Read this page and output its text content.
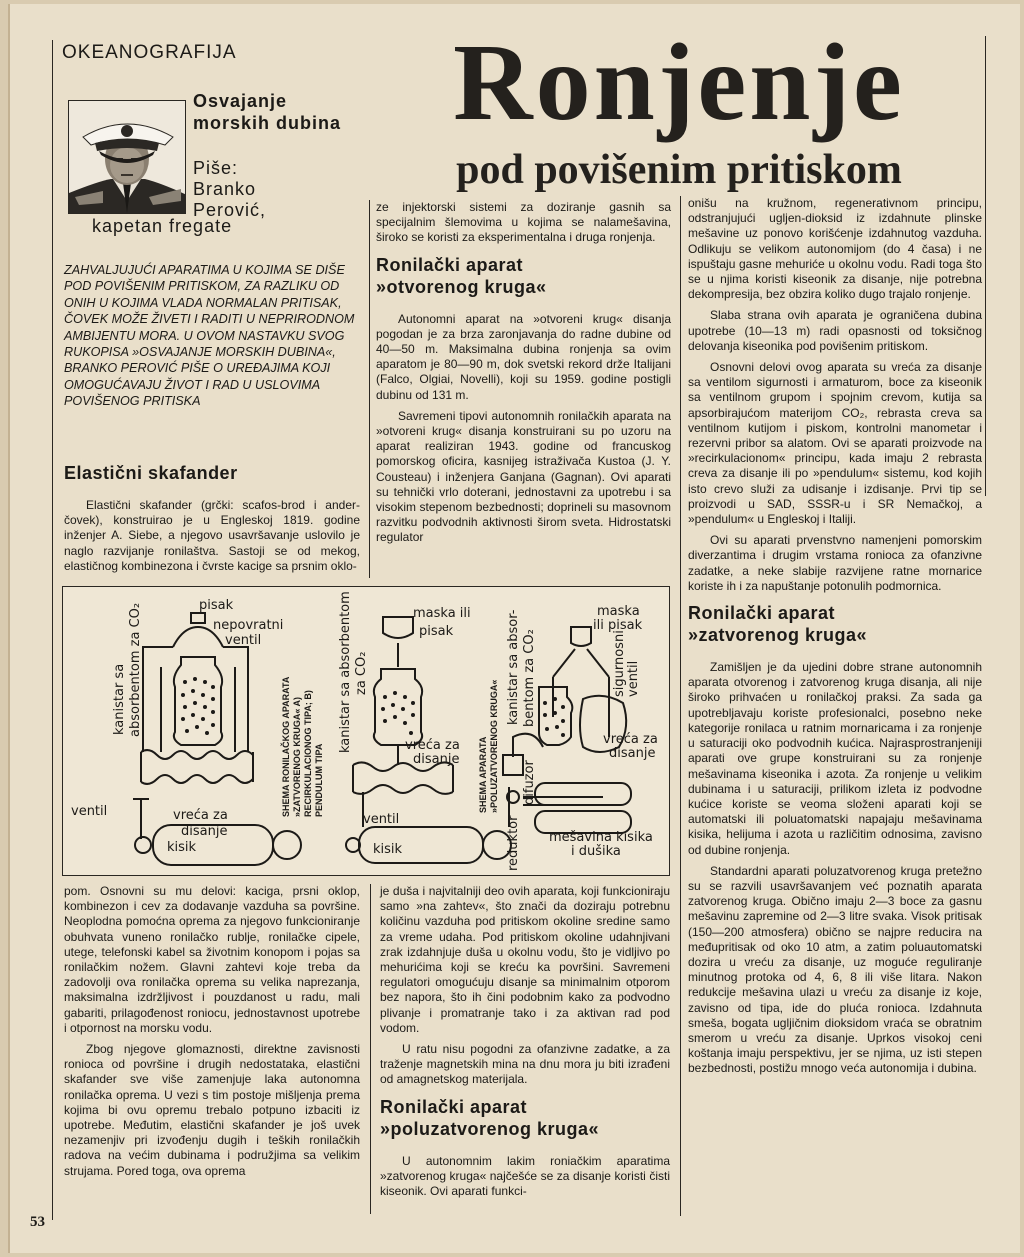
OKEANOGRAFIJA
Osvajanje
morskih dubina
Piše:
Branko
Perović,
kapetan fregate
Ronjenje
pod povišenim pritiskom
ZAHVALJUJUĆI APARATIMA U KOJIMA SE DIŠE POD POVIŠENIM PRITISKOM, ZA RAZLIKU OD ONIH U KOJIMA VLADA NORMALAN PRITISAK, ČOVEK MOŽE ŽIVETI I RADITI U NEPRIRODNOM AMBIJENTU MORA. U OVOM NASTAVKU SVOG RUKOPISA »OSVAJANJE MORSKIH DUBINA«, BRANKO PEROVIĆ PIŠE O UREĐAJIMA KOJI OMOGUĆAVAJU ŽIVOT I RAD U USLOVIMA POVIŠENOG PRITISKA
Elastični skafander

Elastični skafander (grčki: scafos-brod i ander-čovek), konstruirao je u Engleskoj 1819. godine inženjer A. Siebe, a njegovo usavršavanje uslovilo je naglo razvijanje ronilaštva. Sastoji se od mekog, elastičnog kombinezona i čvrste kacige sa prsnim oklo-

ze injektorski sistemi za doziranje gasnih sa specijalnim šlemovima u kojima se nalamešavina, široko se koristi za eksperimentalna i druga ronjenja.

Ronilački aparat
»otvorenog kruga«

Autonomni aparat na »otvoreni krug« disanja pogodan je za brza zaronjavanja do radne dubine od 40—50 m. Maksimalna dubina ronjenja sa ovim aparatom je 80—90 m, dok svetski rekord drže Italijani (Falco, Olgiai, Novelli), koji su 1959. godine postigli dubinu od 131 m.

Savremeni tipovi autonomnih ronilačkih aparata na »otvoreni krug« disanja konstruirani su po uzoru na aparat realiziran 1943. godine od francuskog pomorskog oficira, kasnijeg istraživača Kustoa (J. Y. Cousteau) i inženjera Ganjana (Gagnan). Ovi aparati su tehnički vrlo doterani, jednostavni za upotrebu i sa visokim stepenom bezbednosti; doprineli su masovnom razvitku podvodnih aktivnosti širom sveta. Hidrostatski regulator

onišu na kružnom, regenerativnom principu, odstranjujući ugljen-dioksid iz izdahnute plinske mešavine uz ponovo korišćenje izdahnutog vazduha. Odlikuju se velikom autonomijom (do 4 časa) i ne ispuštaju gasne mehuriće u okolnu vodu. Radi toga što se u njima koristi kiseonik za disanje, nije potrebna dekompresija, bez obzira koliko dugo trajalo ronjenje.

Slaba strana ovih aparata je ograničena dubina upotrebe (10—13 m) radi opasnosti od toksičnog delovanja kiseonika pod povišenim pritiskom.

Osnovni delovi ovog aparata su vreća za disanje sa ventilom sigurnosti i armaturom, boce za kiseonik sa ventilnom grupom i spojnim crevom, kutija sa apsorbirajućom materijom CO₂, rebrasta creva sa ventilnom kutijom i piskom, kontrolni manometar i rezervni pribor sa alatom. Ovi se aparati proizvode na »recirkulacionom« principu, kada imaju 2 rebrasta creva za disanje ili po »pendulum« sistemu, kod kojih isto crevo služi za udisanje i izdisanje. Prvi tip se proizvodi u SAD, SSSR-u i SR Nemačkoj, a »pendulum« u Engleskoj i Italiji.

Ovi su aparati prvenstvno namenjeni pomorskim diverzantima i drugim vrstama ronioca za ofanzivne zadatke, a neke slabije razvijene ratne mornarice koriste ih i za napuštanje potonulih podmornica.

Ronilački aparat
»zatvorenog kruga«

Zamišljen je da ujedini dobre strane autonomnih aparata otvorenog i zatvorenog kruga disanja, ali nije široko prihvaćen u ronilačkoj praksi. Za sada ga upotrebljavaju koriste profesionalci, posebno neke kategorije ronilaca u ratnim mornaricama i za ronjenje u saturaciji oko podvodnih kućica. Najrasprostranjeniji aparati ove grupe konstruirani su za ronjenje mešavinama kiseonika i azota. Za ronjenje u velikim dubinama i u saturaciji, prilikom izleta iz podvodne kućice koriste se veoma složeni aparati koji se automatski ili poluatomatski napajaju mešavinama kisika, helijuma i azota u različitim odnosima, zavisno od dubine ronjenja.

Standardni aparati poluzatvorenog kruga pretežno su se razvili usavršavanjem već poznatih aparata zatvorenog kruga. Obično imaju 2—3 boce za gasnu mešavinu zapremine od 2—3 litre svaka. Visok pritisak (150—200 atmosfera) obično se najpre reducira na međupritisak od oko 10 atm, a zatim poluautomatski dozira u vreću za disanje, uz moguće reguliranje minutnog protoka od 4, 6, 8 ili više litara. Nakon redukcije mešavina ulazi u vreću za disanje iz koje, zavisno od tipa, ide do pluća ronioca. Izdahnuta smeša, bogata ugljičnim dioksidom vraća se obratnim smerom u vreću za disanje. Uprkos visokoj ceni koštanja imaju perspektivu, jer se njima, uz isti stepen bezbednosti, postižu mnogo veća autonomija i dubina.

pisak
nepovratni
ventil
vreća za
disanje
ventil
kisik
kanistar sa absorbentom za CO₂
SHEMA RONILAČKOG APARATA »ZATVORENOG KRUGA« A) RECIRKULACIONOG TIPA; B) PENDULUM TIPA
maska ili
pisak
vreća za
disanje
ventil
kisik
kanistar sa absorbentom za CO₂
SHEMA APARATA »POLUZATVORENOG KRUGA«
maska
ili pisak
vreća za
disanje
mešavina kisika
i dušika
kanistar sa absor- bentom za CO₂	sigurnosni ventil
difuzor
reduktor

pom. Osnovni su mu delovi: kaciga, prsni oklop, kombinezon i cev za dodavanje vazduha sa površine. Neoplodna pomoćna oprema za njegovo funkcioniranje obuhvata vuneno ronilačko rublje, ronilačke cipele, utege, telefonski kabel sa životnim konopom i pojas sa ronilačkim nožem. Glavni zahtevi koje treba da zadovolji ova ronilačka oprema su velika naprezanja, maksimalna izdržljivost i pouzdanost u radu, mali gabariti, prilagođenost roniocu, jednostavnost upotrebe i otpornost na morsku vodu.

Zbog njegove glomaznosti, direktne zavisnosti ronioca od površine i drugih nedostataka, elastični skafander sve više zamenjuje laka autonomna ronilačka oprema. U vezi s tim postoje mišljenja prema kojima bi ovu opremu trebalo potpuno izbaciti iz upotrebe. Međutim, elastični skafander je još uvek nezamenjiv pri izvođenju dugih i teških ronilačkih radova na većim dubinama i podružjima sa velikim strujama. Pored toga, ova oprema

je duša i najvitalniji deo ovih aparata, koji funkcioniraju samo »na zahtev«, što znači da doziraju potrebnu količinu vazduha pod pritiskom okoline sredine samo za vreme udaha. Pod pritiskom okoline udahnjivani zrak izdahnjuje duša u okolnu vodu, što je vidljivo po mehurićima koji se kreću ka površini. Savremeni regulatori omogućuju disanje sa minimalnim otporom bez napora, što ih čini podobnim kako za podvodno plivanje i promatranje tako i za aktivan rad pod vodom.

U ratu nisu pogodni za ofanzivne zadatke, a za traženje magnetskih mina na dnu mora ju biti izrađeni od amagnetskog materijala.

Ronilački aparat
»poluzatvorenog kruga«

U autonomnim lakim roniačkim aparatima »zatvorenog kruga« najčešće se za disanje koristi čisti kiseonik. Ovi aparati funkci-

53
